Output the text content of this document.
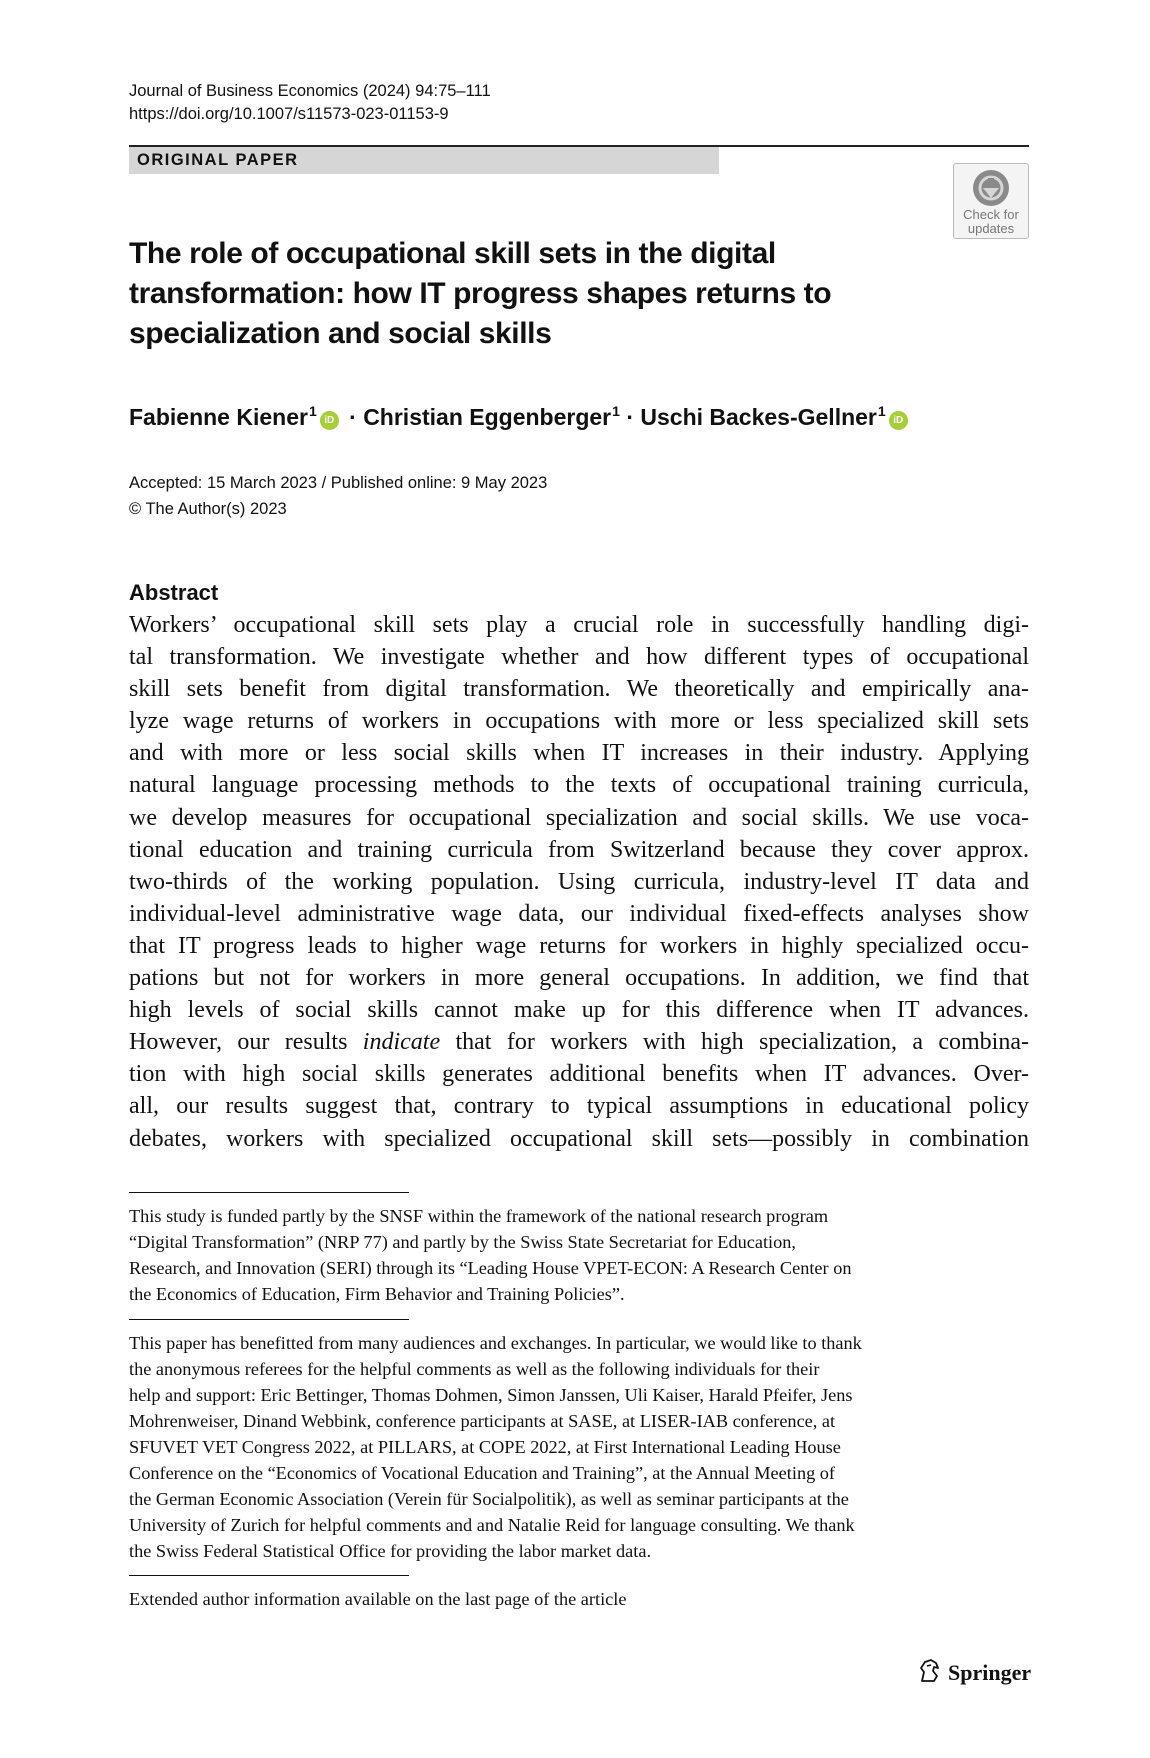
Journal of Business Economics (2024) 94:75–111
https://doi.org/10.1007/s11573-023-01153-9
ORIGINAL PAPER
Check for
updates
The role of occupational skill sets in the digital transformation: how IT progress shapes returns to specialization and social skills
Fabienne Kiener$^1$iD · Christian Eggenberger$^1$ · Uschi Backes-Gellner$^1$iD
Accepted: 15 March 2023 / Published online: 9 May 2023
© The Author(s) 2023
Abstract
Workers’ occupational skill sets play a crucial role in successfully handling digi-
tal transformation. We investigate whether and how different types of occupational
skill sets benefit from digital transformation. We theoretically and empirically ana-
lyze wage returns of workers in occupations with more or less specialized skill sets
and with more or less social skills when IT increases in their industry. Applying
natural language processing methods to the texts of occupational training curricula,
we develop measures for occupational specialization and social skills. We use voca-
tional education and training curricula from Switzerland because they cover approx.
two-thirds of the working population. Using curricula, industry-level IT data and
individual-level administrative wage data, our individual fixed-effects analyses show
that IT progress leads to higher wage returns for workers in highly specialized occu-
pations but not for workers in more general occupations. In addition, we find that
high levels of social skills cannot make up for this difference when IT advances.
However, our results indicate that for workers with high specialization, a combina-
tion with high social skills generates additional benefits when IT advances. Over-
all, our results suggest that, contrary to typical assumptions in educational policy
debates, workers with specialized occupational skill sets—possibly in combination
This study is funded partly by the SNSF within the framework of the national research program
“Digital Transformation” (NRP 77) and partly by the Swiss State Secretariat for Education,
Research, and Innovation (SERI) through its “Leading House VPET-ECON: A Research Center on
the Economics of Education, Firm Behavior and Training Policies”.
This paper has benefitted from many audiences and exchanges. In particular, we would like to thank
the anonymous referees for the helpful comments as well as the following individuals for their
help and support: Eric Bettinger, Thomas Dohmen, Simon Janssen, Uli Kaiser, Harald Pfeifer, Jens
Mohrenweiser, Dinand Webbink, conference participants at SASE, at LISER-IAB conference, at
SFUVET VET Congress 2022, at PILLARS, at COPE 2022, at First International Leading House
Conference on the “Economics of Vocational Education and Training”, at the Annual Meeting of
the German Economic Association (Verein für Socialpolitik), as well as seminar participants at the
University of Zurich for helpful comments and and Natalie Reid for language consulting. We thank
the Swiss Federal Statistical Office for providing the labor market data.
Extended author information available on the last page of the article
Springer
